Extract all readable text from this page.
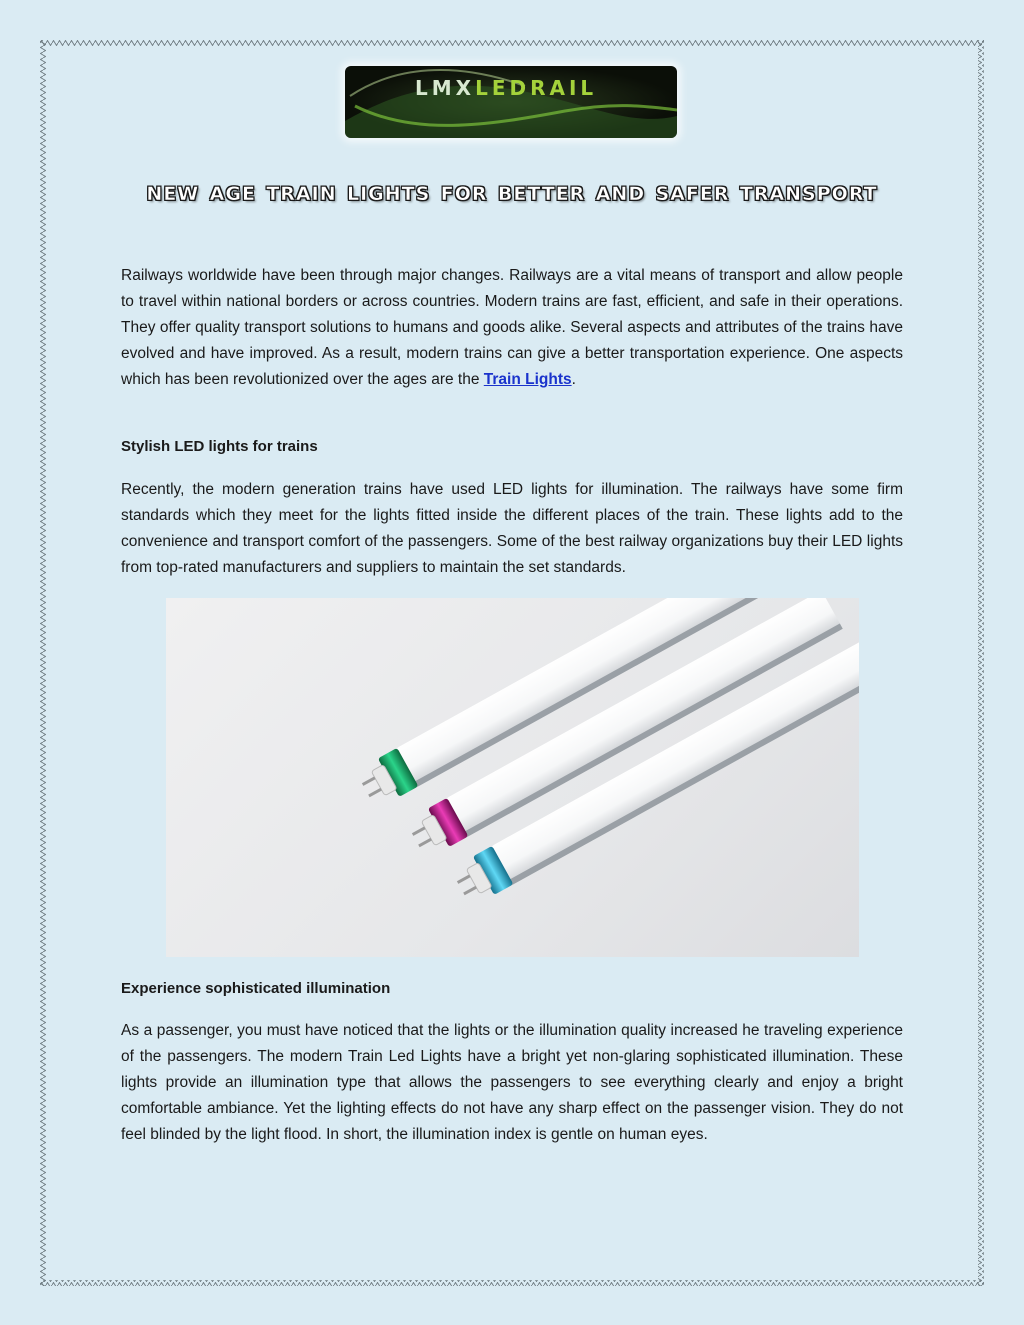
LMXLEDRAIL
new age train lights for better and safer transport

Railways worldwide have been through major changes. Railways are a vital means of transport and allow people to travel within national borders or across countries. Modern trains are fast, efficient, and safe in their operations. They offer quality transport solutions to humans and goods alike. Several aspects and attributes of the trains have evolved and have improved. As a result, modern trains can give a better transportation experience. One aspects which has been revolutionized over the ages are the Train Lights.

Stylish LED lights for trains

Recently, the modern generation trains have used LED lights for illumination. The railways have some firm standards which they meet for the lights fitted inside the different places of the train. These lights add to the convenience and transport comfort of the passengers. Some of the best railway organizations buy their LED lights from top-rated manufacturers and suppliers to maintain the set standards.

Experience sophisticated illumination

As a passenger, you must have noticed that the lights or the illumination quality increased he traveling experience of the passengers. The modern Train Led Lights have a bright yet non-glaring sophisticated illumination. These lights provide an illumination type that allows the passengers to see everything clearly and enjoy a bright comfortable ambiance. Yet the lighting effects do not have any sharp effect on the passenger vision. They do not feel blinded by the light flood. In short, the illumination index is gentle on human eyes.
